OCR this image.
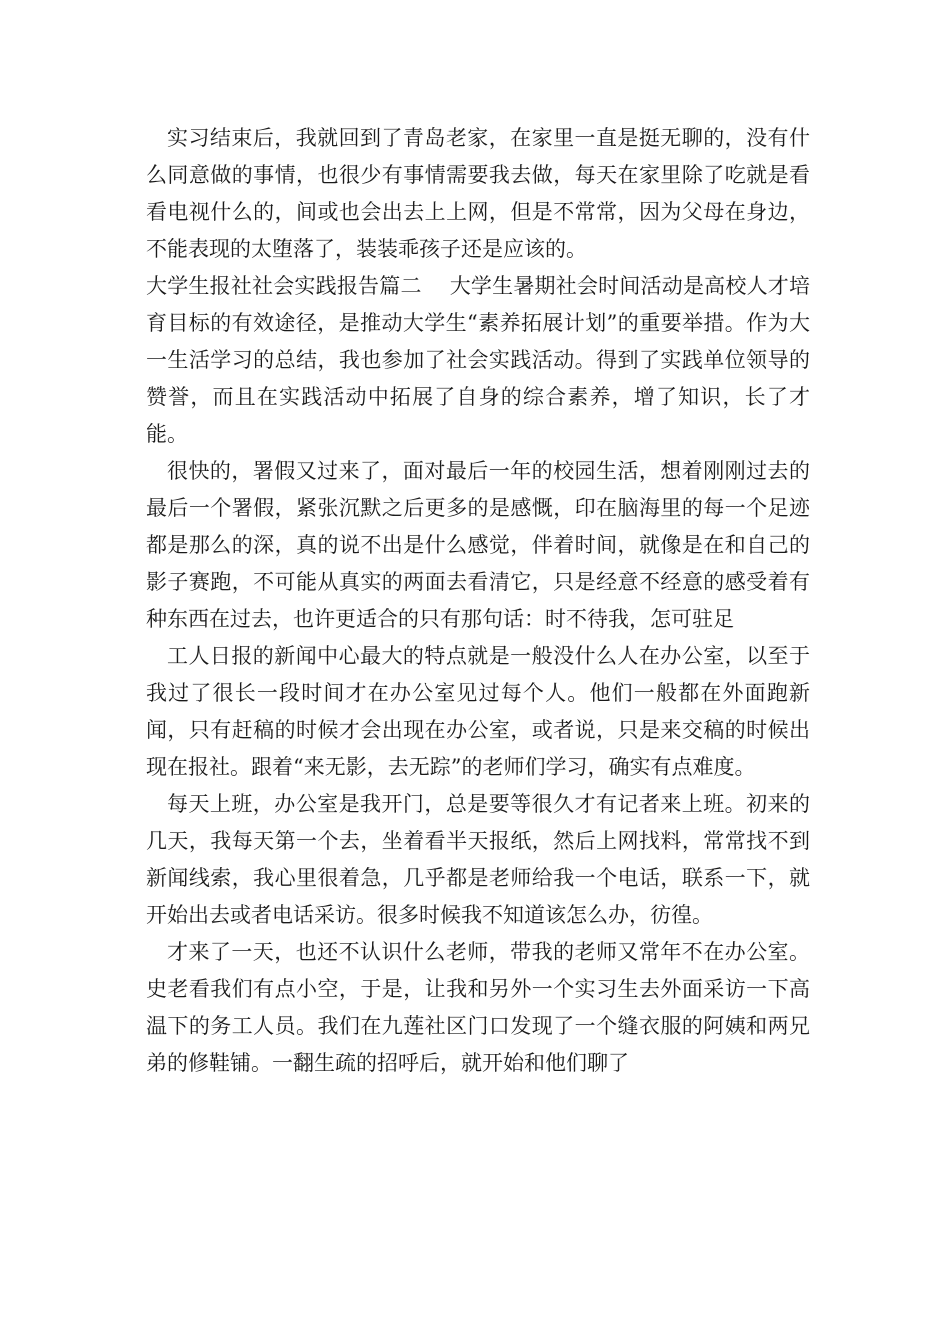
实习结束后，我就回到了青岛老家，在家里一直是挺无聊的，没有什么同意做的事情，也很少有事情需要我去做，每天在家里除了吃就是看看电视什么的，间或也会出去上上网，但是不常常，因为父母在身边，不能表现的太堕落了，装装乖孩子还是应该的。

大学生报社社会实践报告篇二　 大学生暑期社会时间活动是高校人才培育目标的有效途径，是推动大学生“素养拓展计划”的重要举措。作为大一生活学习的总结，我也参加了社会实践活动。得到了实践单位领导的赞誉，而且在实践活动中拓展了自身的综合素养，增了知识，长了才能。

很快的，署假又过来了，面对最后一年的校园生活，想着刚刚过去的最后一个署假，紧张沉默之后更多的是感慨，印在脑海里的每一个足迹都是那么的深，真的说不出是什么感觉，伴着时间，就像是在和自己的影子赛跑，不可能从真实的两面去看清它，只是经意不经意的感受着有种东西在过去，也许更适合的只有那句话：时不待我，怎可驻足

工人日报的新闻中心最大的特点就是一般没什么人在办公室，以至于我过了很长一段时间才在办公室见过每个人。他们一般都在外面跑新闻，只有赶稿的时候才会出现在办公室，或者说，只是来交稿的时候出现在报社。跟着“来无影，去无踪”的老师们学习，确实有点难度。

每天上班，办公室是我开门，总是要等很久才有记者来上班。初来的几天，我每天第一个去，坐着看半天报纸，然后上网找料，常常找不到新闻线索，我心里很着急，几乎都是老师给我一个电话，联系一下，就开始出去或者电话采访。很多时候我不知道该怎么办，彷徨。

才来了一天，也还不认识什么老师，带我的老师又常年不在办公室。史老看我们有点小空，于是，让我和另外一个实习生去外面采访一下高温下的务工人员。我们在九莲社区门口发现了一个缝衣服的阿姨和两兄弟的修鞋铺。一翻生疏的招呼后，就开始和他们聊了
